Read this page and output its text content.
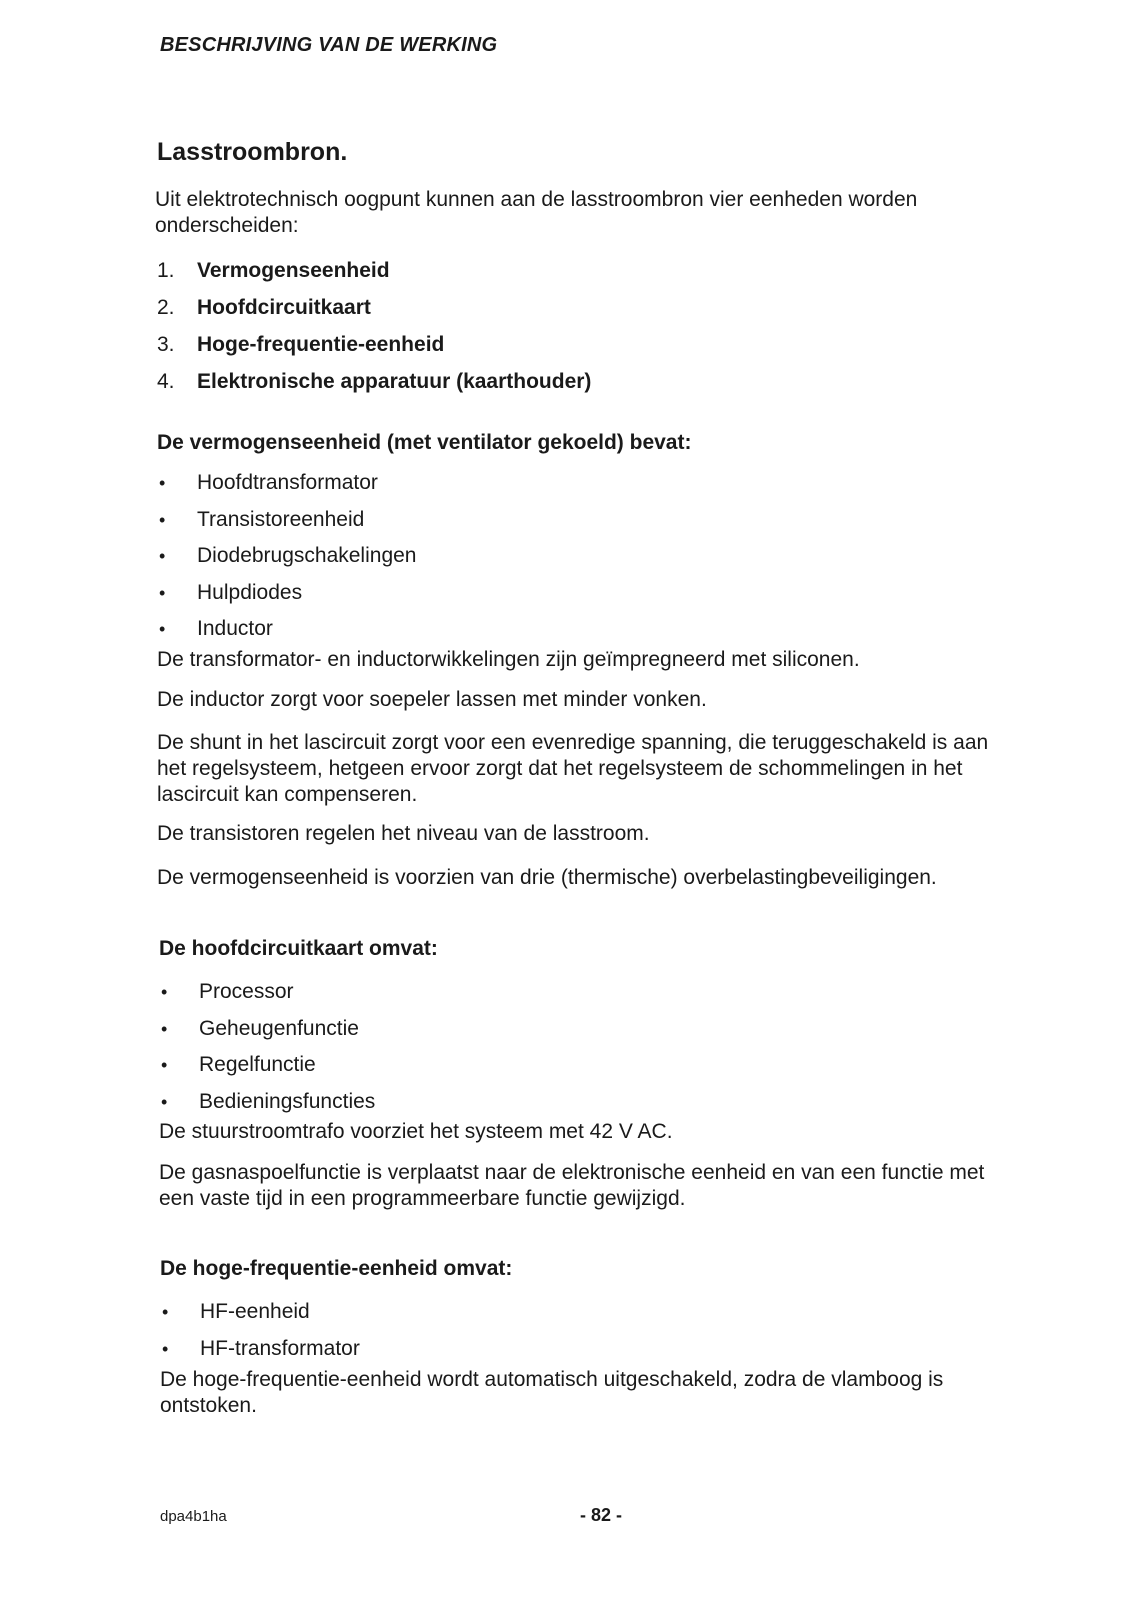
BESCHRIJVING VAN DE WERKING

Lasstroombron.

Uit elektrotechnisch oogpunt kunnen aan de lasstroombron vier eenheden worden onderscheiden:

1.	Vermogenseenheid
2.	Hoofdcircuitkaart
3.	Hoge-frequentie-eenheid
4.	Elektronische apparatuur (kaarthouder)
De vermogenseenheid (met ventilator gekoeld) bevat:
•	Hoofdtransformator
•	Transistoreenheid
•	Diodebrugschakelingen
•	Hulpdiodes
•	Inductor

De transformator- en inductorwikkelingen zijn geïmpregneerd met siliconen.

De inductor zorgt voor soepeler lassen met minder vonken.

De shunt in het lascircuit zorgt voor een evenredige spanning, die teruggeschakeld is aan het regelsysteem, hetgeen ervoor zorgt dat het regelsysteem de schommelingen in het lascircuit kan compenseren.

De transistoren regelen het niveau van de lasstroom.

De vermogenseenheid is voorzien van drie (thermische) overbelastingbeveiligingen.

De hoofdcircuitkaart omvat:
•	Processor
•	Geheugenfunctie
•	Regelfunctie
•	Bedieningsfuncties

De stuurstroomtrafo voorziet het systeem met 42 V AC.

De gasnaspoelfunctie is verplaatst naar de elektronische eenheid en van een functie met een vaste tijd in een programmeerbare functie gewijzigd.

De hoge-frequentie-eenheid omvat:
•	HF-eenheid
•	HF-transformator

De hoge-frequentie-eenheid wordt automatisch uitgeschakeld, zodra de vlamboog is ontstoken.

dpa4b1ha	- 82 -
